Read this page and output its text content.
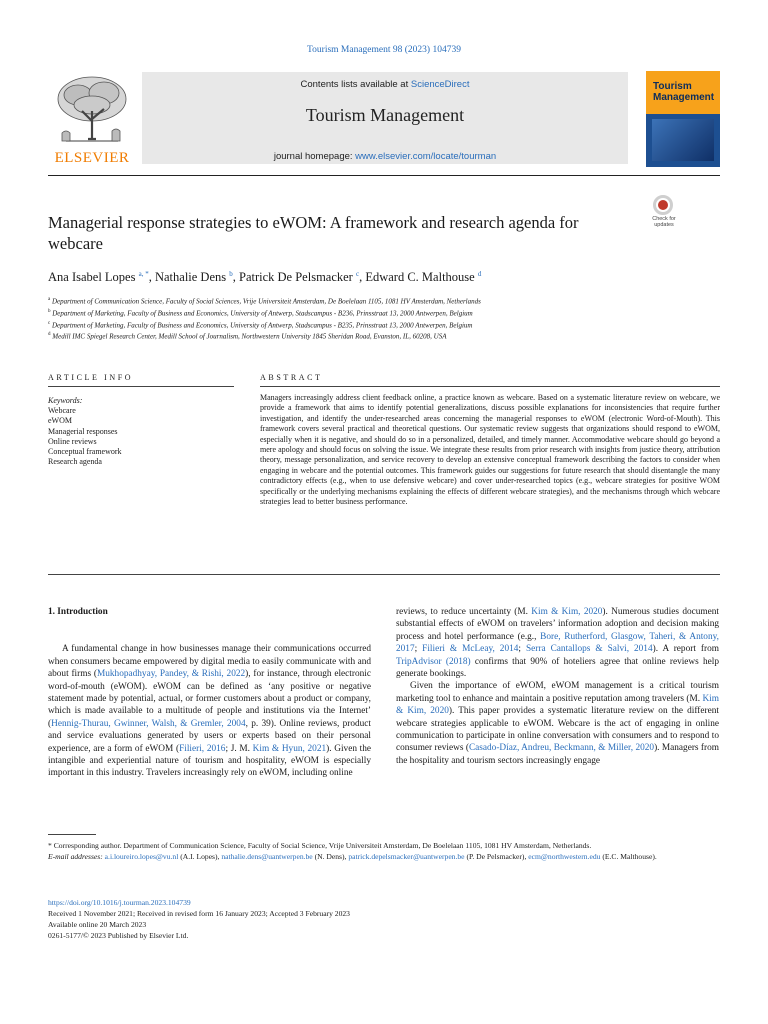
Tourism Management 98 (2023) 104739
ELSEVIER
Contents lists available at ScienceDirect
Tourism Management
journal homepage: www.elsevier.com/locate/tourman
Tourism Management
Managerial response strategies to eWOM: A framework and research agenda for webcare
Check for updates
Ana Isabel Lopes $^{a, *}$, Nathalie Dens $^b$, Patrick De Pelsmacker $^c$, Edward C. Malthouse $^d$
$^a$ Department of Communication Science, Faculty of Social Sciences, Vrije Universiteit Amsterdam, De Boelelaan 1105, 1081 HV Amsterdam, Netherlands
$^b$ Department of Marketing, Faculty of Business and Economics, University of Antwerp, Stadscampus - B236, Prinsstraat 13, 2000 Antwerpen, Belgium
$^c$ Department of Marketing, Faculty of Business and Economics, University of Antwerp, Stadscampus - B235, Prinsstraat 13, 2000 Antwerpen, Belgium
$^d$ Medill IMC Spiegel Research Center, Medill School of Journalism, Northwestern University 1845 Sheridan Road, Evanston, IL, 60208, USA
ARTICLE INFO	ABSTRACT
Keywords:
Webcare
eWOM
Managerial responses
Online reviews
Conceptual framework
Research agenda
Managers increasingly address client feedback online, a practice known as webcare. Based on a systematic literature review on webcare, we provide a framework that aims to identify potential generalizations, discuss possible explanations for inconsistencies that require further investigation, and identify the under-researched areas concerning the managerial responses to eWOM (electronic Word-of-Mouth). This framework covers several practical and theoretical questions. Our systematic review suggests that organizations should respond to eWOM, especially when it is negative, and should do so in a personalized, detailed, and timely manner. Accommodative webcare should go beyond a mere apology and should focus on solving the issue. We integrate these results from prior research with insights from justice theory, attribution theory, message personalization, and service recovery to develop an extensive conceptual framework describing the factors to consider when engaging in webcare and the potential outcomes. This framework guides our suggestions for future research that should disentangle the many contradictory effects (e.g., when to use defensive webcare) and cover under-researched topics (e.g., webcare strategies for positive WOM specifically or the underlying mechanisms explaining the effects of different webcare strategies), and the mechanisms through which webcare strategies lead to better business performance.
1. Introduction

A fundamental change in how businesses manage their communications occurred when consumers became empowered by digital media to easily communicate with and about firms (Mukhopadhyay, Pandey, & Rishi, 2022), for instance, through electronic word-of-mouth (eWOM). eWOM can be defined as ‘any positive or negative statement made by potential, actual, or former customers about a product or company, which is made available to a multitude of people and institutions via the Internet’ (Hennig-Thurau, Gwinner, Walsh, & Gremler, 2004, p. 39). Online reviews, product and service evaluations generated by users or experts based on their personal experience, are a form of eWOM (Filieri, 2016; J. M. Kim & Hyun, 2021). Given the intangible and experiential nature of tourism and hospitality, eWOM is especially important in this industry. Travelers increasingly rely on eWOM, including online

reviews, to reduce uncertainty (M. Kim & Kim, 2020). Numerous studies document substantial effects of eWOM on travelers’ information adoption and decision making process and hotel performance (e.g., Bore, Rutherford, Glasgow, Taheri, & Antony, 2017; Filieri & McLeay, 2014; Serra Cantallops & Salvi, 2014). A report from TripAdvisor (2018) confirms that 90% of hoteliers agree that online reviews help generate bookings.

Given the importance of eWOM, eWOM management is a critical tourism marketing tool to enhance and maintain a positive reputation among travelers (M. Kim & Kim, 2020). This paper provides a systematic literature review on the different webcare strategies applicable to eWOM. Webcare is the act of engaging in online communication to participate in online conversation with consumers and to respond to consumer reviews (Casado-Díaz, Andreu, Beckmann, & Miller, 2020). Managers from the hospitality and tourism sectors increasingly engage

* Corresponding author. Department of Communication Science, Faculty of Social Science, Vrije Universiteit Amsterdam, De Boelelaan 1105, 1081 HV Amsterdam, Netherlands.

E-mail addresses: a.i.loureiro.lopes@vu.nl (A.I. Lopes), nathalie.dens@uantwerpen.be (N. Dens), patrick.depelsmacker@uantwerpen.be (P. De Pelsmacker), ecm@northwestern.edu (E.C. Malthouse).

https://doi.org/10.1016/j.tourman.2023.104739

Received 1 November 2021; Received in revised form 16 January 2023; Accepted 3 February 2023

Available online 20 March 2023

0261-5177/© 2023 Published by Elsevier Ltd.
